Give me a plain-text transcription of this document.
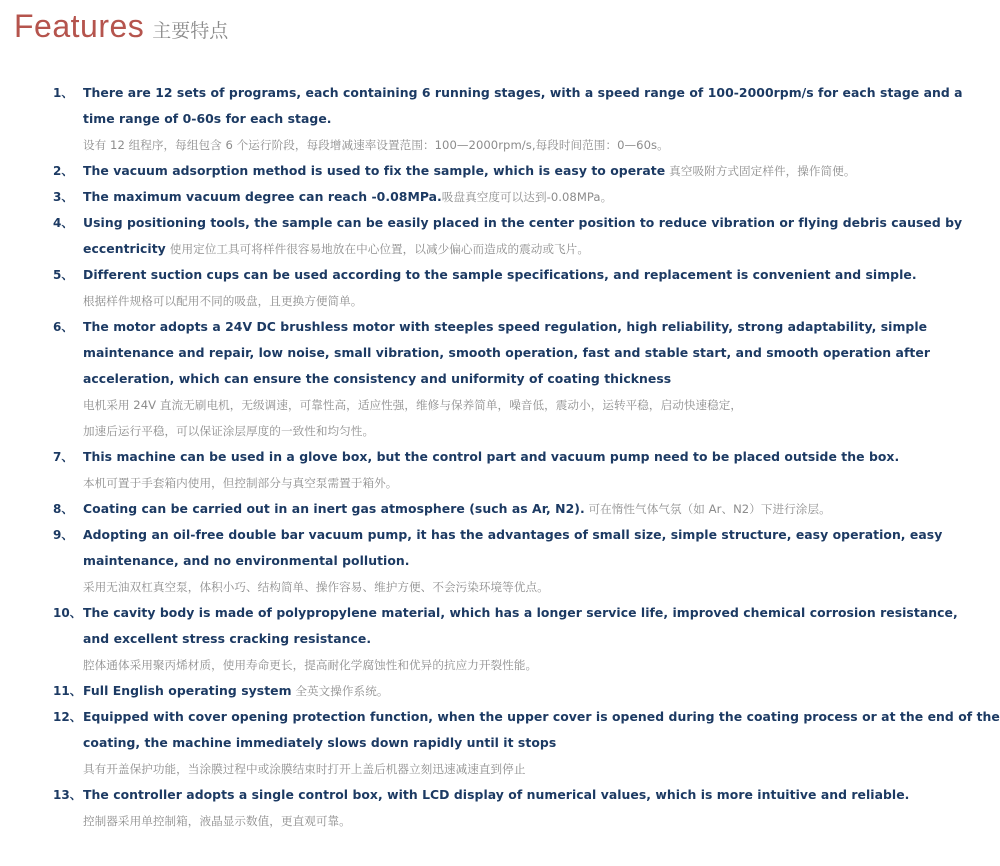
Features 主要特点
1、 There are 12 sets of programs, each containing 6 running stages, with a speed range of 100-2000rpm/s for each stage and a
time range of 0-60s for each stage.
设有 12 组程序，每组包含 6 个运行阶段，每段增减速率设置范围：100—2000rpm/s,每段时间范围：0—60s。

2、 The vacuum adsorption method is used to fix the sample, which is easy to operate 真空吸附方式固定样件，操作简便。

3、 The maximum vacuum degree can reach -0.08MPa.吸盘真空度可以达到-0.08MPa。

4、 Using positioning tools, the sample can be easily placed in the center position to reduce vibration or flying debris caused by
eccentricity 使用定位工具可将样件很容易地放在中心位置，以减少偏心而造成的震动或飞片。

5、 Different suction cups can be used according to the sample specifications, and replacement is convenient and simple.
根据样件规格可以配用不同的吸盘，且更换方便简单。

6、 The motor adopts a 24V DC brushless motor with steeples speed regulation, high reliability, strong adaptability, simple
maintenance and repair, low noise, small vibration, smooth operation, fast and stable start, and smooth operation after
acceleration, which can ensure the consistency and uniformity of coating thickness
电机采用 24V 直流无刷电机，无级调速，可靠性高，适应性强，维修与保养简单，噪音低，震动小，运转平稳，启动快速稳定，
加速后运行平稳，可以保证涂层厚度的一致性和均匀性。

7、 This machine can be used in a glove box, but the control part and vacuum pump need to be placed outside the box.
本机可置于手套箱内使用，但控制部分与真空泵需置于箱外。

8、 Coating can be carried out in an inert gas atmosphere (such as Ar, N2). 可在惰性气体气氛（如 Ar、N2）下进行涂层。

9、 Adopting an oil-free double bar vacuum pump, it has the advantages of small size, simple structure, easy operation, easy
maintenance, and no environmental pollution.
采用无油双杠真空泵，体积小巧、结构简单、操作容易、维护方便、不会污染环境等优点。

10、 The cavity body is made of polypropylene material, which has a longer service life, improved chemical corrosion resistance,
and excellent stress cracking resistance.
腔体通体采用聚丙烯材质，使用寿命更长，提高耐化学腐蚀性和优异的抗应力开裂性能。

11、 Full English operating system 全英文操作系统。

12、 Equipped with cover opening protection function, when the upper cover is opened during the coating process or at the end of the
coating, the machine immediately slows down rapidly until it stops
具有开盖保护功能，当涂膜过程中或涂膜结束时打开上盖后机器立刻迅速减速直到停止

13、 The controller adopts a single control box, with LCD display of numerical values, which is more intuitive and reliable.
控制器采用单控制箱，液晶显示数值，更直观可靠。
